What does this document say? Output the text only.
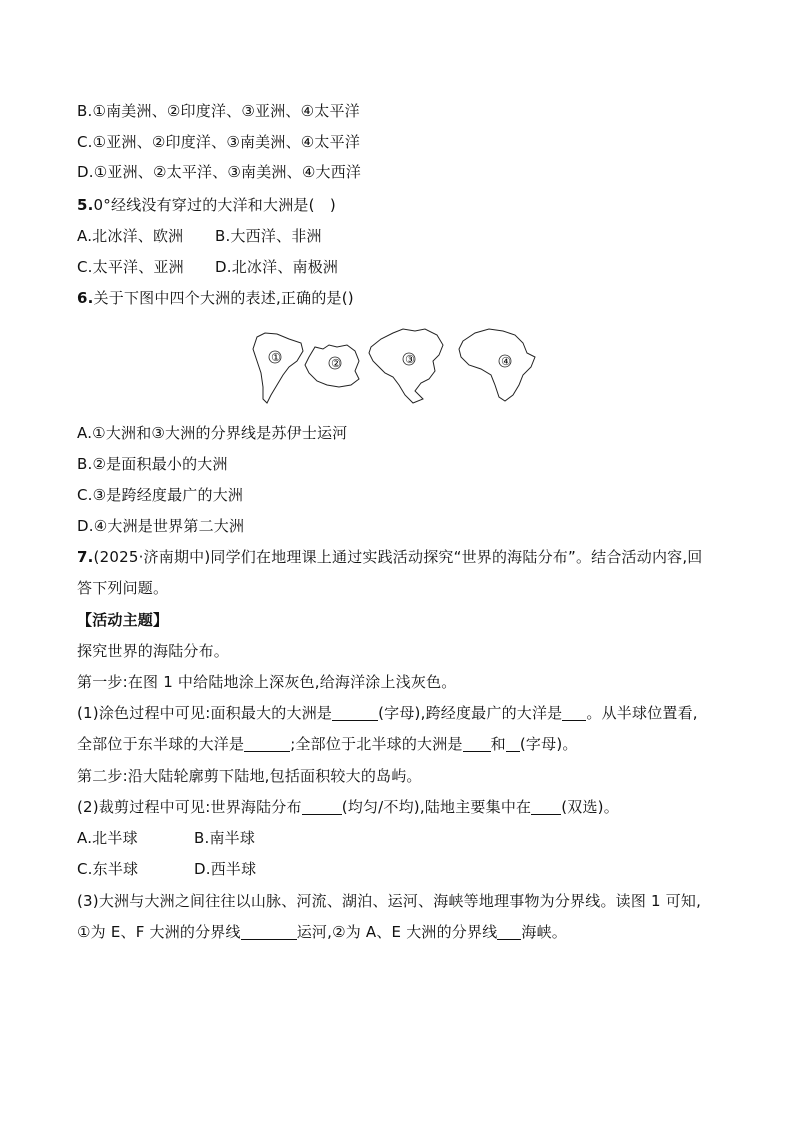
B.①南美洲、②印度洋、③亚洲、④太平洋
C.①亚洲、②印度洋、③南美洲、④太平洋
D.①亚洲、②太平洋、③南美洲、④大西洋
5.0°经线没有穿过的大洋和大洲是(　)
A.北冰洋、欧洲 B.大西洋、非洲
C.太平洋、亚洲 D.北冰洋、南极洲
6.关于下图中四个大洲的表述,正确的是()
①	②	③	④
A.①大洲和③大洲的分界线是苏伊士运河
B.②是面积最小的大洲
C.③是跨经度最广的大洲
D.④大洲是世界第二大洲
7.(2025·济南期中)同学们在地理课上通过实践活动探究“世界的海陆分布”。结合活动内容,回
答下列问题。
【活动主题】
探究世界的海陆分布。
第一步:在图 1 中给陆地涂上深灰色,给海洋涂上浅灰色。
(1)涂色过程中可见:面积最大的大洲是	(字母),跨经度最广的大洋是 。从半球位置看,
全部位于东半球的大洋是	;全部位于北半球的大洲是 和 (字母)。
第二步:沿大陆轮廓剪下陆地,包括面积较大的岛屿。
(2)裁剪过程中可见:世界海陆分布	(均匀/不均),陆地主要集中在 (双选)。
A.北半球	B.南半球
C.东半球	D.西半球
(3)大洲与大洲之间往往以山脉、河流、湖泊、运河、海峡等地理事物为分界线。读图 1 可知,
①为 E、F 大洲的分界线	运河,②为 A、E 大洲的分界线 海峡。
